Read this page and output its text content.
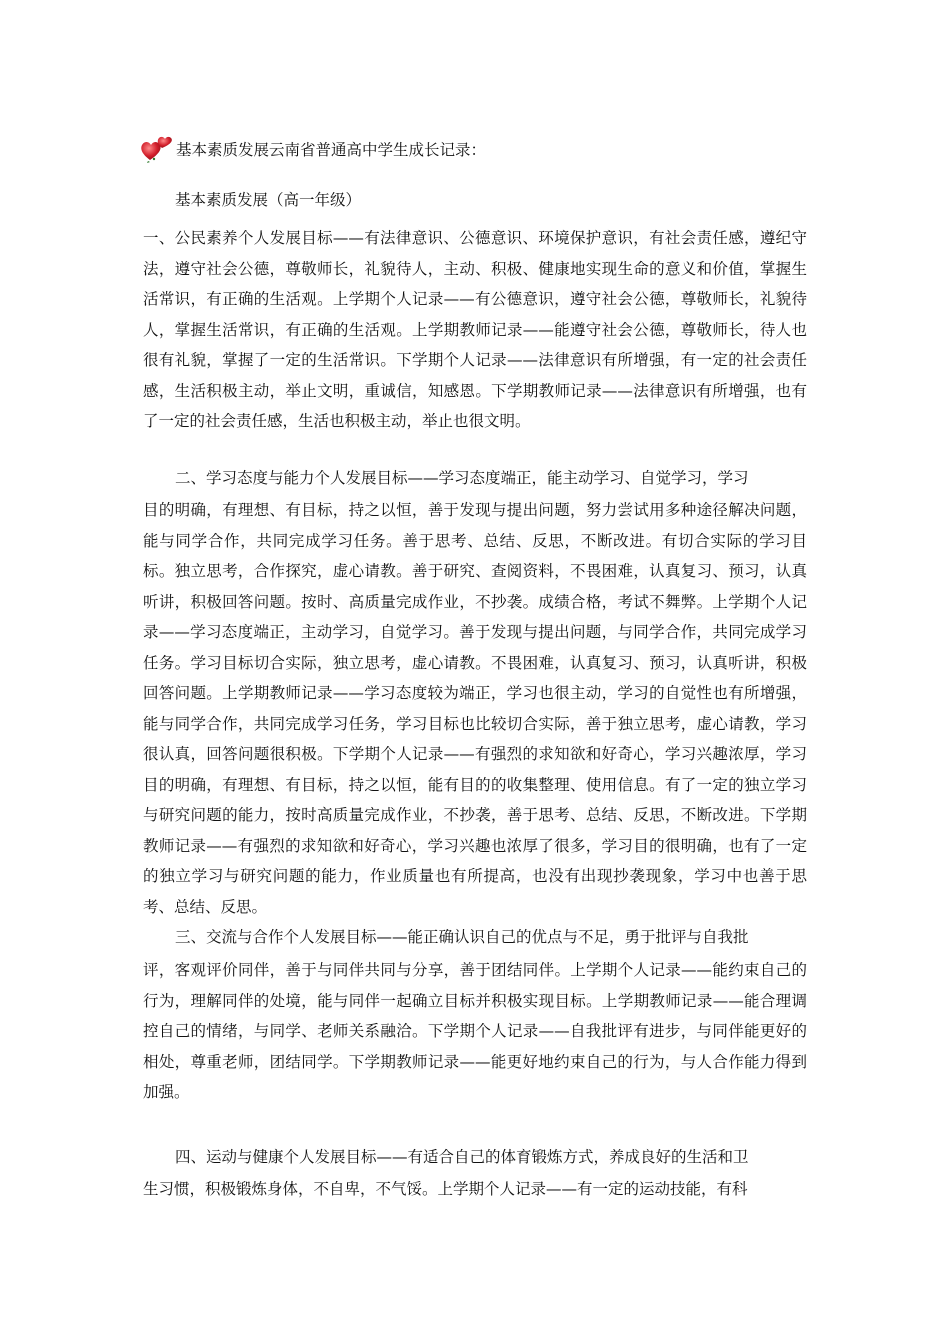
基本素质发展云南省普通高中学生成长记录：
基本素质发展（高一年级）
一、公民素养个人发展目标——有法律意识、公德意识、环境保护意识，有社会责任感，遵纪守法，遵守社会公德，尊敬师长，礼貌待人，主动、积极、健康地实现生命的意义和价值，掌握生活常识，有正确的生活观。上学期个人记录——有公德意识，遵守社会公德，尊敬师长，礼貌待人，掌握生活常识，有正确的生活观。上学期教师记录——能遵守社会公德，尊敬师长，待人也很有礼貌，掌握了一定的生活常识。下学期个人记录——法律意识有所增强，有一定的社会责任感，生活积极主动，举止文明，重诚信，知感恩。下学期教师记录——法律意识有所增强，也有了一定的社会责任感，生活也积极主动，举止也很文明。
二、学习态度与能力个人发展目标——学习态度端正，能主动学习、自觉学习，学习
目的明确，有理想、有目标，持之以恒，善于发现与提出问题，努力尝试用多种途径解决问题，能与同学合作，共同完成学习任务。善于思考、总结、反思，不断改进。有切合实际的学习目标。独立思考，合作探究，虚心请教。善于研究、查阅资料，不畏困难，认真复习、预习，认真听讲，积极回答问题。按时、高质量完成作业，不抄袭。成绩合格，考试不舞弊。上学期个人记录——学习态度端正，主动学习，自觉学习。善于发现与提出问题，与同学合作，共同完成学习任务。学习目标切合实际，独立思考，虚心请教。不畏困难，认真复习、预习，认真听讲，积极回答问题。上学期教师记录——学习态度较为端正，学习也很主动，学习的自觉性也有所增强，能与同学合作，共同完成学习任务，学习目标也比较切合实际，善于独立思考，虚心请教，学习很认真，回答问题很积极。下学期个人记录——有强烈的求知欲和好奇心，学习兴趣浓厚，学习目的明确，有理想、有目标，持之以恒，能有目的的收集整理、使用信息。有了一定的独立学习与研究问题的能力，按时高质量完成作业，不抄袭，善于思考、总结、反思，不断改进。下学期教师记录——有强烈的求知欲和好奇心，学习兴趣也浓厚了很多，学习目的很明确，也有了一定的独立学习与研究问题的能力，作业质量也有所提高，也没有出现抄袭现象，学习中也善于思考、总结、反思。
三、交流与合作个人发展目标——能正确认识自己的优点与不足，勇于批评与自我批
评，客观评价同伴，善于与同伴共同与分享，善于团结同伴。上学期个人记录——能约束自己的行为，理解同伴的处境，能与同伴一起确立目标并积极实现目标。上学期教师记录——能合理调控自己的情绪，与同学、老师关系融洽。下学期个人记录——自我批评有进步，与同伴能更好的相处，尊重老师，团结同学。下学期教师记录——能更好地约束自己的行为，与人合作能力得到加强。
四、运动与健康个人发展目标——有适合自己的体育锻炼方式，养成良好的生活和卫
生习惯，积极锻炼身体，不自卑，不气馁。上学期个人记录——有一定的运动技能，有科
